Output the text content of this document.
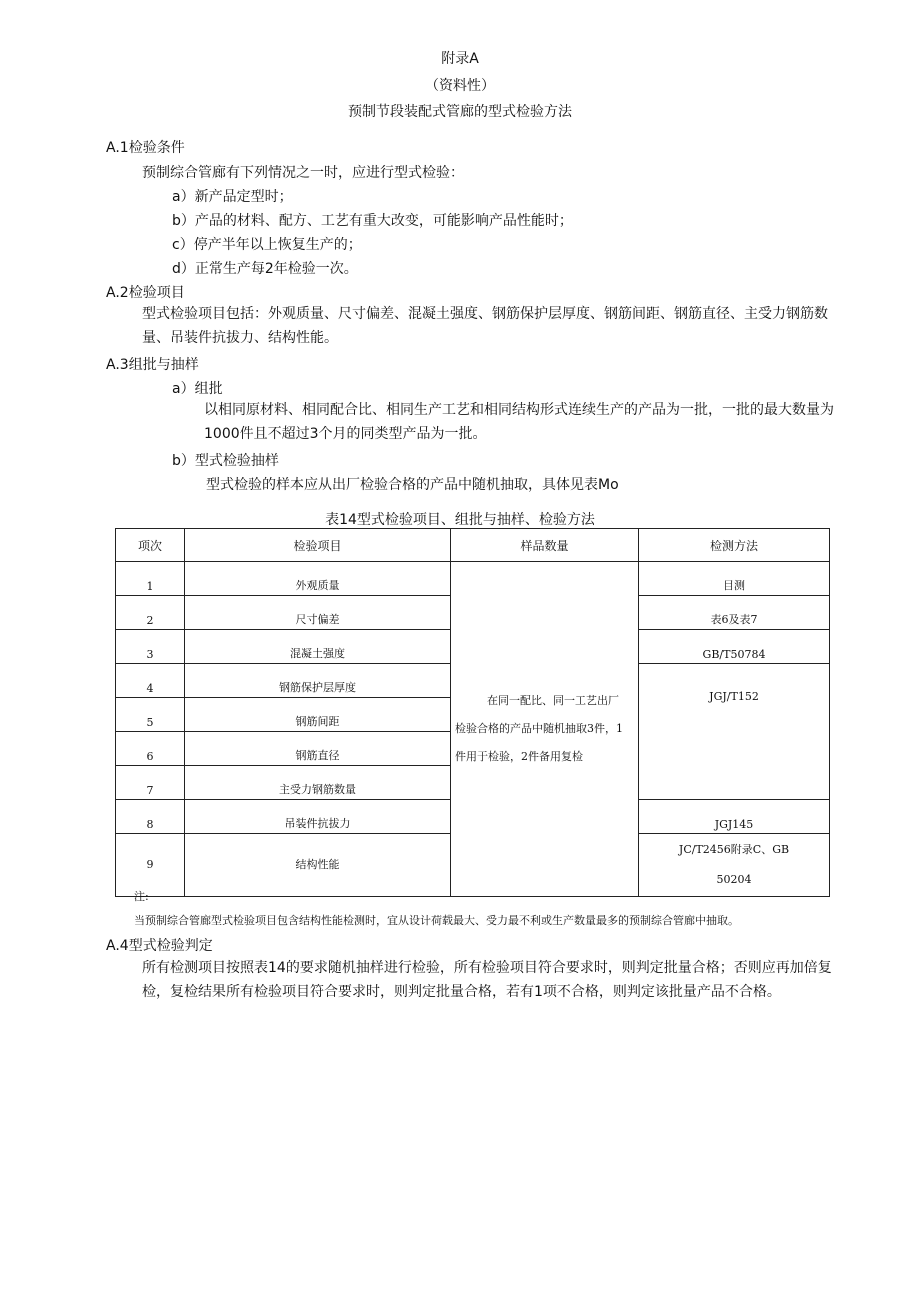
附录A
（资料性）
预制节段装配式管廊的型式检验方法
A.1检验条件
预制综合管廊有下列情况之一时，应进行型式检验：
a）新产品定型时；
b）产品的材料、配方、工艺有重大改变，可能影响产品性能时；
c）停产半年以上恢复生产的；
d）正常生产每2年检验一次。
A.2检验项目
型式检验项目包括：外观质量、尺寸偏差、混凝土强度、钢筋保护层厚度、钢筋间距、钢筋直径、主受力钢筋数量、吊装件抗拔力、结构性能。
A.3组批与抽样
a）组批
以相同原材料、相同配合比、相同生产工艺和相同结构形式连续生产的产品为一批，一批的最大数量为1000件且不超过3个月的同类型产品为一批。
b）型式检验抽样
型式检验的样本应从出厂检验合格的产品中随机抽取，具体见表Mo
表14型式检验项目、组批与抽样、检验方法
项次	检验项目	样品数量	检测方法
1	外观质量	在同一配比、同一工艺出厂
检验合格的产品中随机抽取3件，1
件用于检验，2件备用复检	目测
2	尺寸偏差		表6及表7
3	混凝土强度		GB/T50784
4	钢筋保护层厚度		JGJ/T152
5	钢筋间距		
6	钢筋直径		
7	主受力钢筋数量		
8	吊装件抗拔力		JGJ145
9	结构性能		JC/T2456附录C、GB
50204
注:
当预制综合管廊型式检验项目包含结构性能检测时，宜从设计荷载最大、受力最不利或生产数量最多的预制综合管廊中抽取。
A.4型式检验判定
所有检测项目按照表14的要求随机抽样进行检验，所有检验项目符合要求时，则判定批量合格；否则应再加倍复检，复检结果所有检验项目符合要求时，则判定批量合格，若有1项不合格，则判定该批量产品不合格。
